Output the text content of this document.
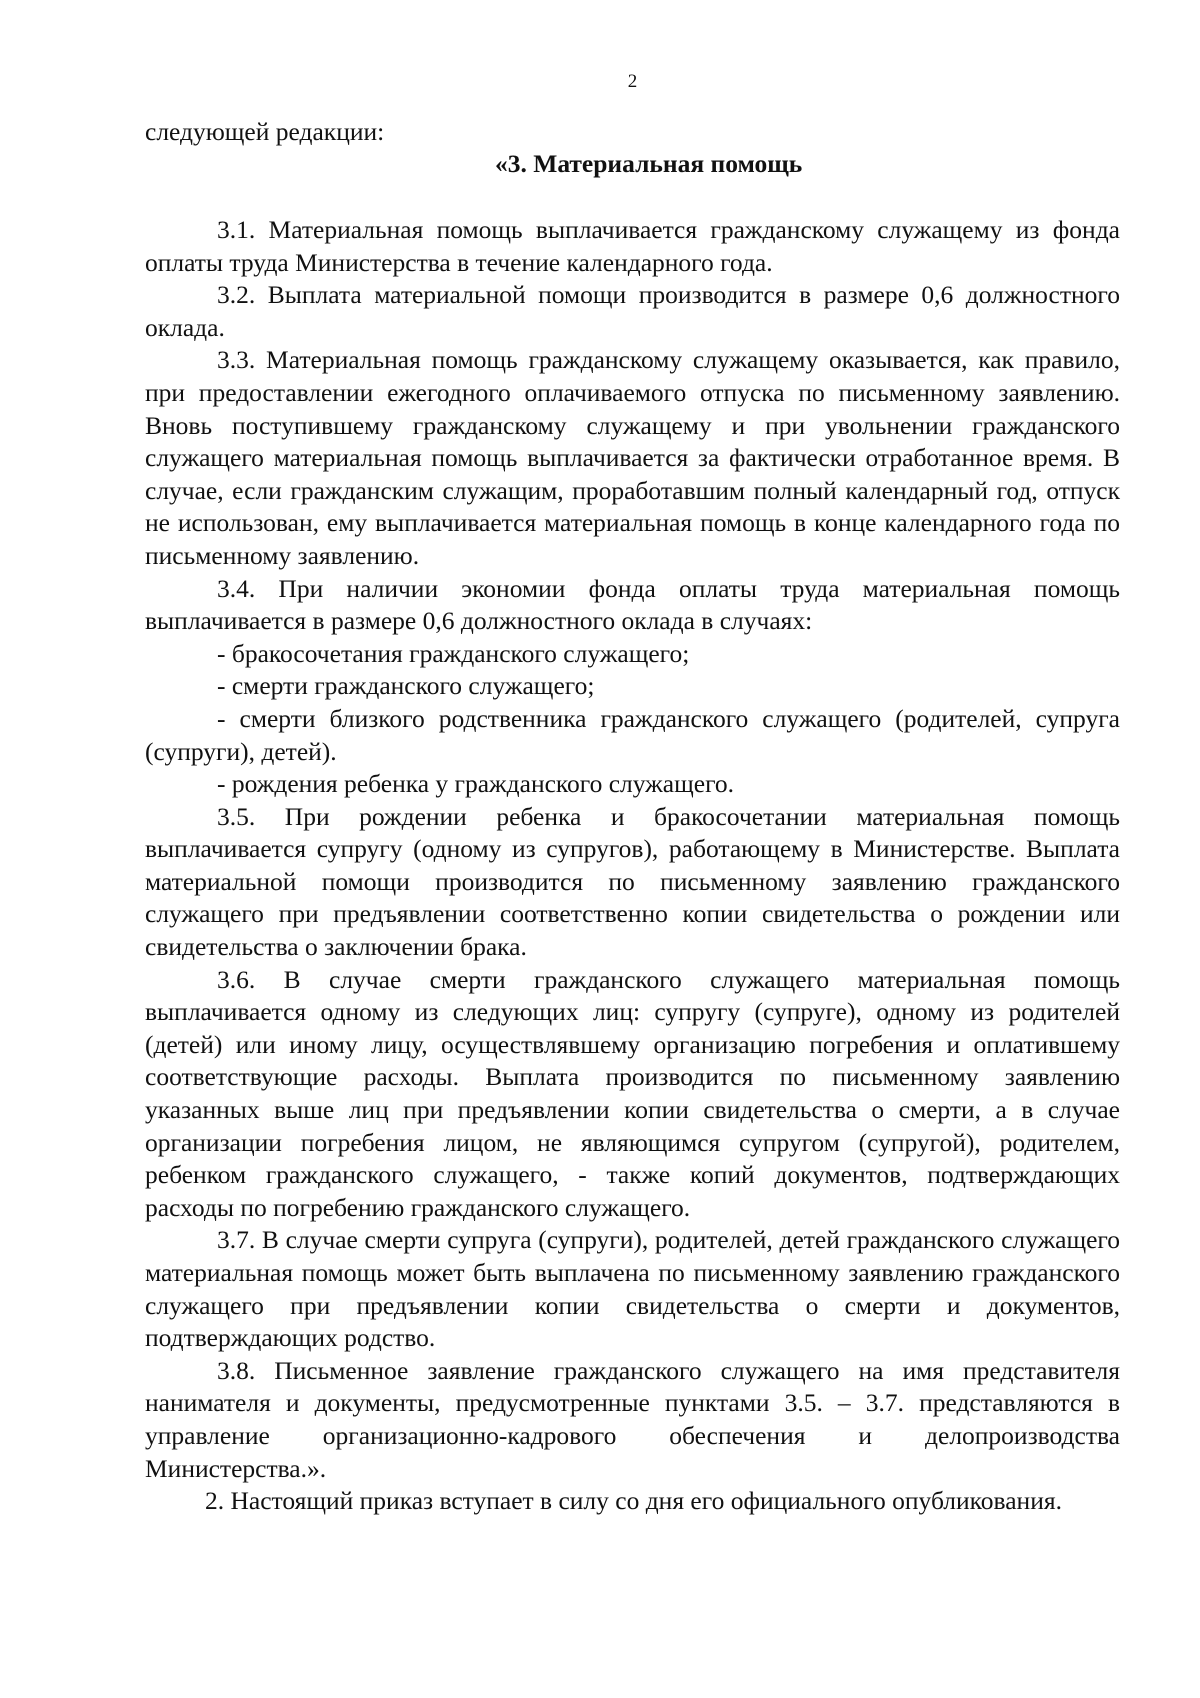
2
следующей редакции:
«3. Материальная помощь

3.1. Материальная помощь выплачивается гражданскому служащему из фонда оплаты труда Министерства в течение календарного года.

3.2. Выплата материальной помощи производится в размере 0,6 должностного оклада.

3.3. Материальная помощь гражданскому служащему оказывается, как правило, при предоставлении ежегодного оплачиваемого отпуска по письменному заявлению. Вновь поступившему гражданскому служащему и при увольнении гражданского служащего материальная помощь выплачивается за фактически отработанное время. В случае, если гражданским служащим, проработавшим полный календарный год, отпуск не использован, ему выплачивается материальная помощь в конце календарного года по письменному заявлению.

3.4. При наличии экономии фонда оплаты труда материальная помощь выплачивается в размере 0,6 должностного оклада в случаях:

- бракосочетания гражданского служащего;

- смерти гражданского служащего;

- смерти близкого родственника гражданского служащего (родителей, супруга (супруги), детей).

- рождения ребенка у гражданского служащего.

3.5. При рождении ребенка и бракосочетании материальная помощь выплачивается супругу (одному из супругов), работающему в Министерстве. Выплата материальной помощи производится по письменному заявлению гражданского служащего при предъявлении соответственно копии свидетельства о рождении или свидетельства о заключении брака.

3.6. В случае смерти гражданского служащего материальная помощь выплачивается одному из следующих лиц: супругу (супруге), одному из родителей (детей) или иному лицу, осуществлявшему организацию погребения и оплатившему соответствующие расходы. Выплата производится по письменному заявлению указанных выше лиц при предъявлении копии свидетельства о смерти, а в случае организации погребения лицом, не являющимся супругом (супругой), родителем, ребенком гражданского служащего, - также копий документов, подтверждающих расходы по погребению гражданского служащего.

3.7. В случае смерти супруга (супруги), родителей, детей гражданского служащего материальная помощь может быть выплачена по письменному заявлению гражданского служащего при предъявлении копии свидетельства о смерти и документов, подтверждающих родство.

3.8. Письменное заявление гражданского служащего на имя представителя нанимателя и документы, предусмотренные пунктами 3.5. – 3.7. представляются в управление организационно-кадрового обеспечения и делопроизводства Министерства.».

2. Настоящий приказ вступает в силу со дня его официального опубликования.
